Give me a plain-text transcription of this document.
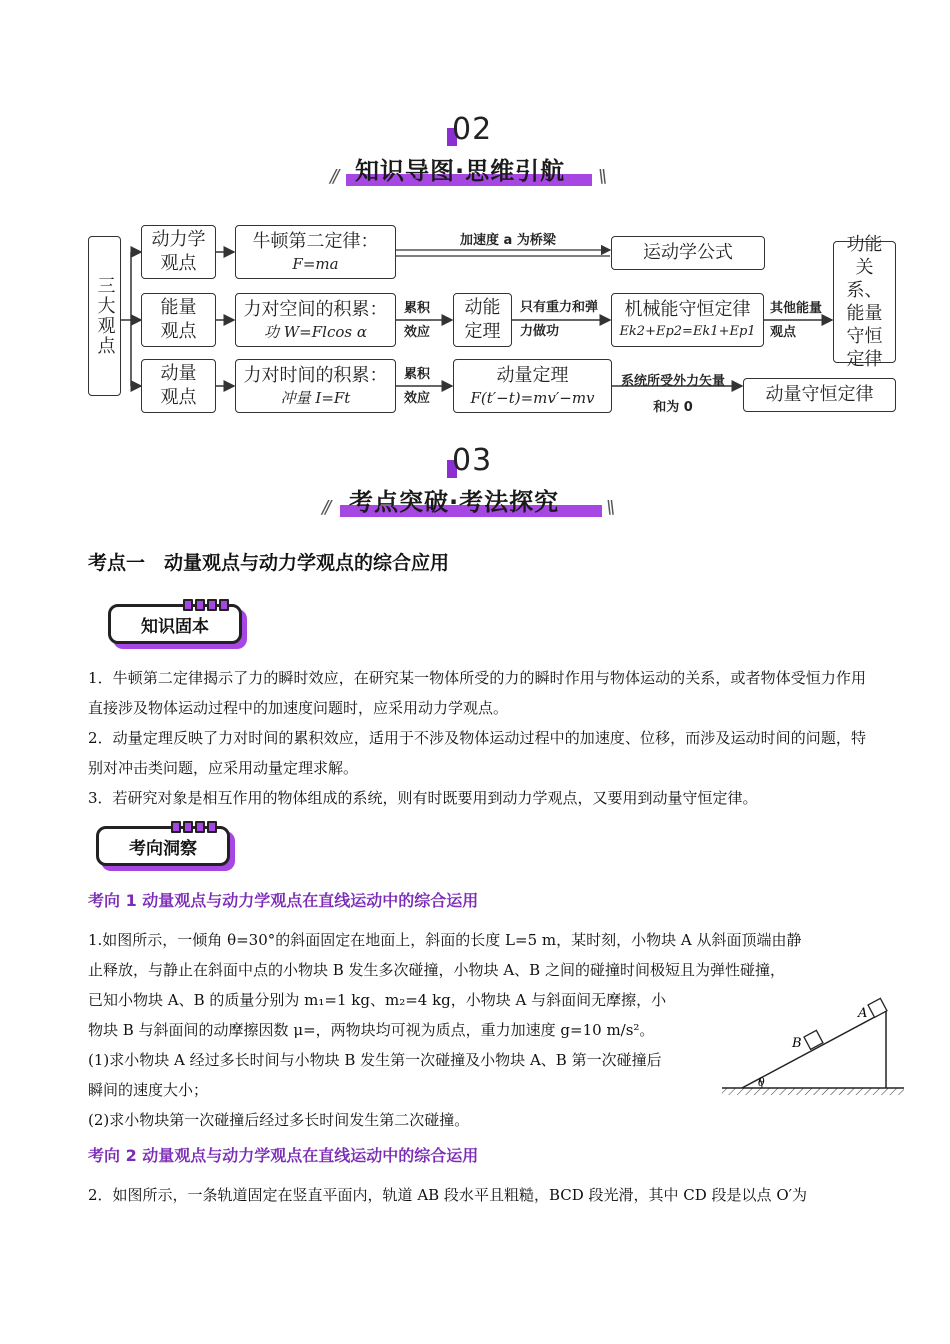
02
//	\\
知识导图·思维引航
三大观点
动力学观点
牛顿第二定律：
F=ma
加速度 a 为桥梁
运动学公式
能量观点
力对空间的积累：
功 W=Flcos α
累积效应
动能定理
只有重力和弹力做功
机械能守恒定律
Ek2+Ep2=Ek1+Ep1
其他能量观点
功能关系、能量守恒定律
动量观点
力对时间的积累：
冲量 I=Ft
累积效应
动量定理
F(t′−t)=mv′−mv
系统所受外力矢量和为 0
动量守恒定律
03
//	\\
考点突破·考法探究
考点一　动量观点与动力学观点的综合应用
知识固本
1．牛顿第二定律揭示了力的瞬时效应，在研究某一物体所受的力的瞬时作用与物体运动的关系，或者物体受恒力作用直接涉及物体运动过程中的加速度问题时，应采用动力学观点。
2．动量定理反映了力对时间的累积效应，适用于不涉及物体运动过程中的加速度、位移，而涉及运动时间的问题，特别对冲击类问题，应采用动量定理求解。
3．若研究对象是相互作用的物体组成的系统，则有时既要用到动力学观点，又要用到动量守恒定律。
考向洞察
考向 1 动量观点与动力学观点在直线运动中的综合运用
1.如图所示，一倾角 θ=30°的斜面固定在地面上，斜面的长度 L=5 m，某时刻，小物块 A 从斜面顶端由静
止释放，与静止在斜面中点的小物块 B 发生多次碰撞，小物块 A、B 之间的碰撞时间极短且为弹性碰撞，
已知小物块 A、B 的质量分别为 m₁=1 kg、m₂=4 kg，小物块 A 与斜面间无摩擦，小
物块 B 与斜面间的动摩擦因数 μ=，两物块均可视为质点，重力加速度 g=10 m/s²。
(1)求小物块 A 经过多长时间与小物块 B 发生第一次碰撞及小物块 A、B 第一次碰撞后
瞬间的速度大小；
(2)求小物块第一次碰撞后经过多长时间发生第二次碰撞。
A
B
θ
考向 2 动量观点与动力学观点在直线运动中的综合运用
2．如图所示，一条轨道固定在竖直平面内，轨道 AB 段水平且粗糙，BCD 段光滑，其中 CD 段是以点 O′为
